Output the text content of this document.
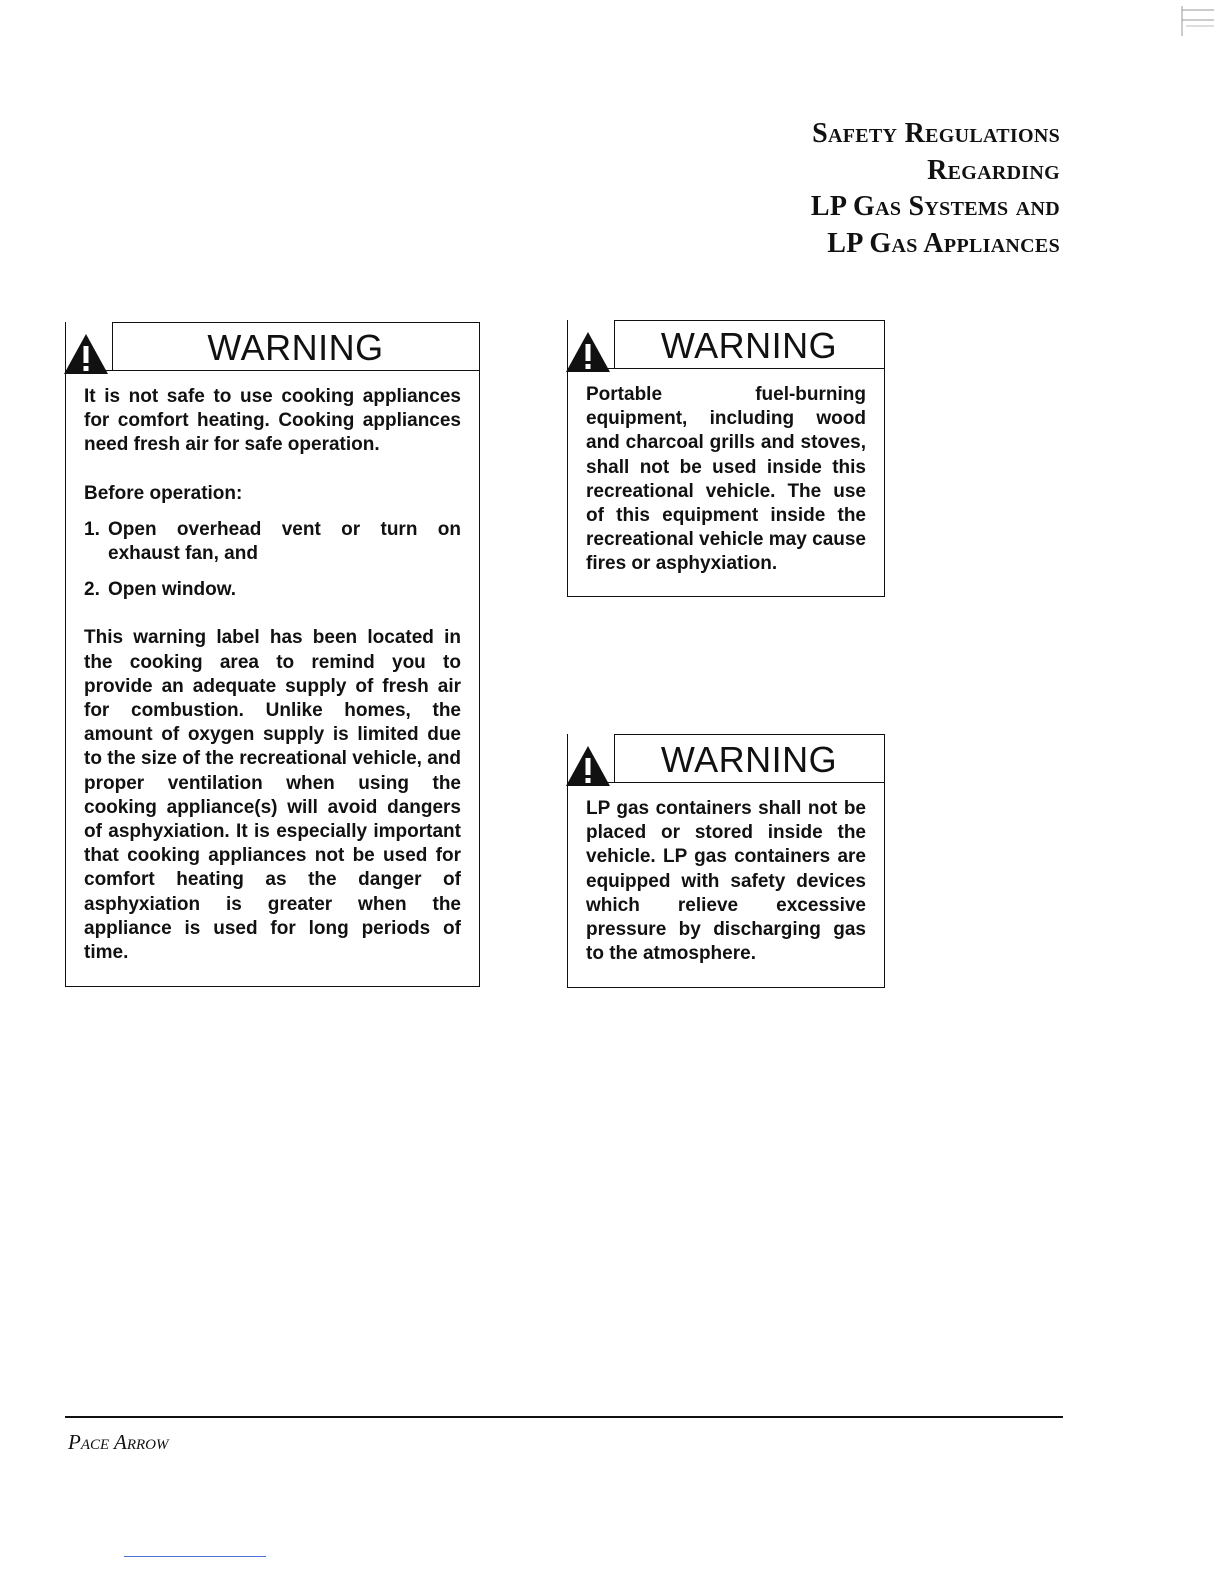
Safety Regulations
Regarding
LP Gas Systems and
LP Gas Appliances
WARNING

It is not safe to use cooking appliances for comfort heating. Cooking appliances need fresh air for safe operation.

Before operation:

1. Open overhead vent or turn on exhaust fan, and
2. Open window.

This warning label has been located in the cooking area to remind you to provide an adequate supply of fresh air for combustion. Unlike homes, the amount of oxygen supply is limited due to the size of the recreational vehicle, and proper ventilation when using the cooking appliance(s) will avoid dangers of asphyxiation. It is especially important that cooking appliances not be used for comfort heating as the danger of asphyxiation is greater when the appliance is used for long periods of time.

WARNING

Portable fuel-burning equipment, including wood and charcoal grills and stoves, shall not be used inside this recreational vehicle. The use of this equipment inside the recreational vehicle may cause fires or asphyxiation.

WARNING

LP gas containers shall not be placed or stored inside the vehicle. LP gas containers are equipped with safety devices which relieve excessive pressure by discharging gas to the atmosphere.

Pace Arrow
